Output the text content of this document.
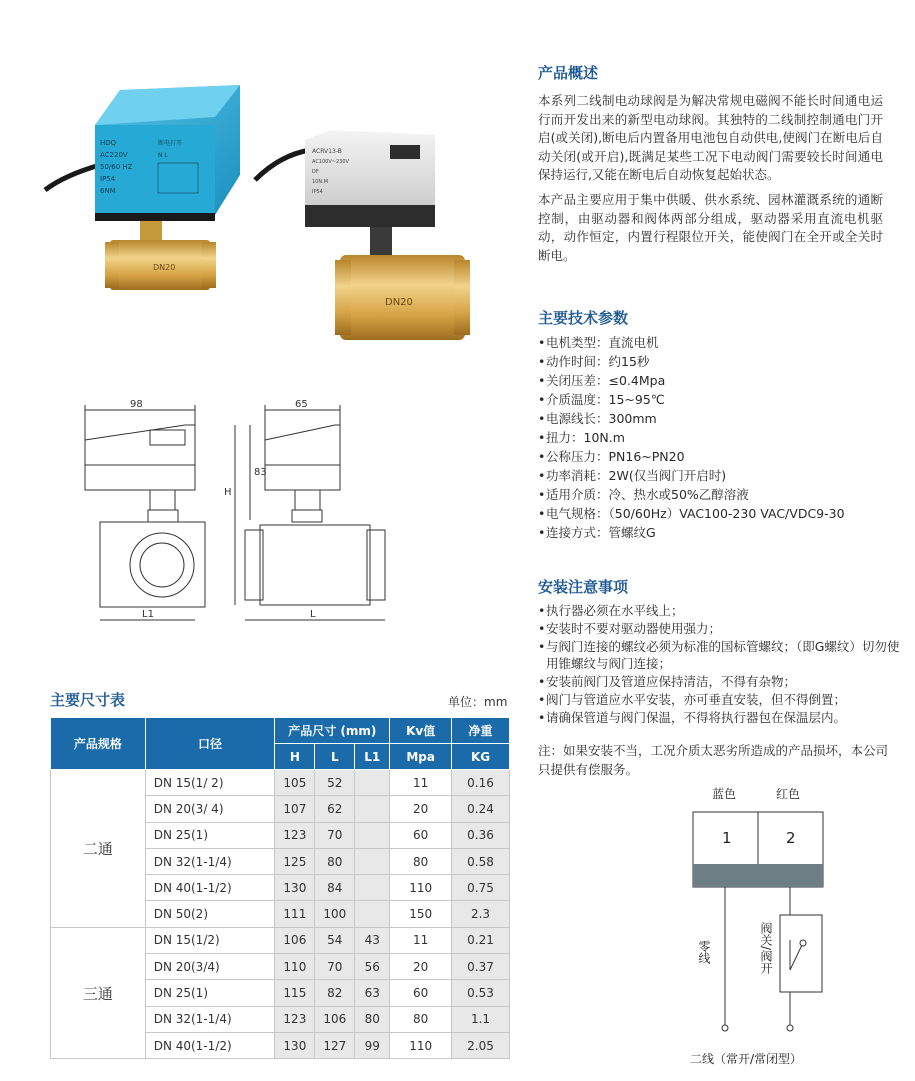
HDQ
AC220V
50/60 HZ
IP54
6NM
断电打开
N L
DN20
ACRV13-B
AC100V~230V
DF
10N.M
IP54
DN20
98	65
83
H
L1	L
产品概述

本系列二线制电动球阀是为解决常规电磁阀不能长时间通电运行而开发出来的新型电动球阀。其独特的二线制控制通电门开启(或关闭),断电后内置备用电池包自动供电,使阀门在断电后自动关闭(或开启),既满足某些工况下电动阀门需要较长时间通电保持运行,又能在断电后自动恢复起始状态。

本产品主要应用于集中供暖、供水系统、园林灌溉系统的通断控制，由驱动器和阀体两部分组成，驱动器采用直流电机驱动，动作恒定，内置行程限位开关，能使阀门在全开或全关时断电。

主要技术参数
• 电机类型：直流电机
• 动作时间：约15秒
• 关闭压差：≤0.4Mpa
• 介质温度：15~95℃
• 电源线长：300mm
• 扭力：10N.m
• 公称压力：PN16~PN20
• 功率消耗：2W(仅当阀门开启时)
• 适用介质：冷、热水或50%乙醇溶液
• 电气规格：（50/60Hz）VAC100-230 VAC/VDC9-30
• 连接方式：管螺纹G
安装注意事项
• 执行器必须在水平线上；
• 安装时不要对驱动器使用强力；
• 与阀门连接的螺纹必须为标准的国标管螺纹；（即G螺纹）切勿使用锥螺纹与阀门连接；
• 安装前阀门及管道应保持清洁，不得有杂物；
• 阀门与管道应水平安装，亦可垂直安装，但不得倒置；
• 请确保管道与阀门保温，不得将执行器包在保温层内。
注：如果安装不当，工况介质太恶劣所造成的产品损坏，本公司只提供有偿服务。
主要尺寸表	单位：mm
产品规格	口径	产品尺寸 (mm)			Kv值	净重
		H	L	L1	Mpa	KG
二通	DN 15(1/ 2)	105	52		11	0.16
	DN 20(3/ 4)	107	62		20	0.24
	DN 25(1)	123	70		60	0.36
	DN 32(1-1/4)	125	80		80	0.58
	DN 40(1-1/2)	130	84		110	0.75
	DN 50(2)	111	100		150	2.3
三通	DN 15(1/2)	106	54	43	11	0.21
	DN 20(3/4)	110	70	56	20	0.37
	DN 25(1)	115	82	63	60	0.53
	DN 32(1-1/4)	123	106	80	80	1.1
	DN 40(1-1/2)	130	127	99	110	2.05
蓝色	红色
1	2
零线	阀关/阀开
二线（常开/常闭型）
